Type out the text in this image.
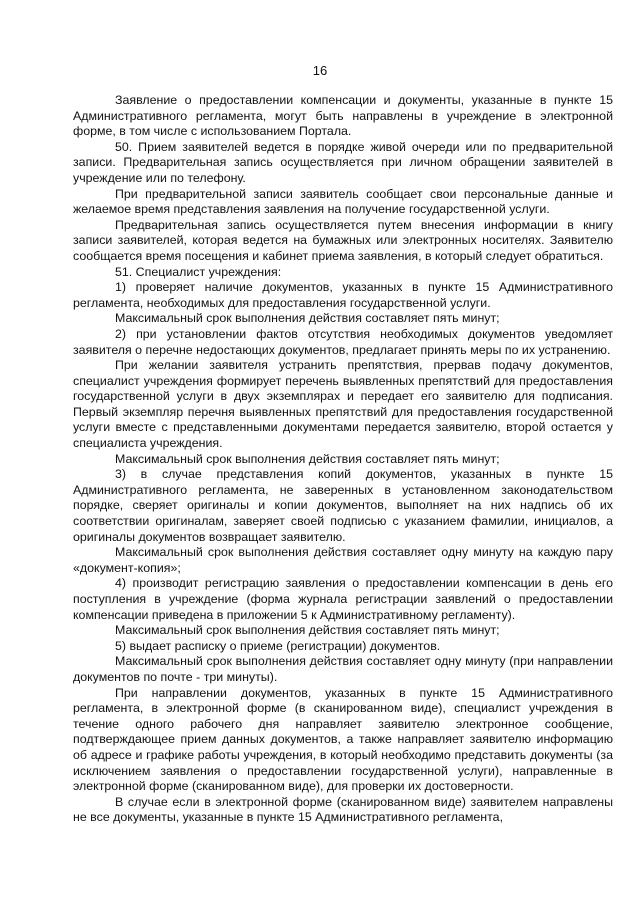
16

Заявление о предоставлении компенсации и документы, указанные в пункте 15 Административного регламента, могут быть направлены в учреждение в электронной форме, в том числе с использованием Портала.

50. Прием заявителей ведется в порядке живой очереди или по предварительной записи. Предварительная запись осуществляется при личном обращении заявителей в учреждение или по телефону.

При предварительной записи заявитель сообщает свои персональные данные и желаемое время представления заявления на получение государственной услуги.

Предварительная запись осуществляется путем внесения информации в книгу записи заявителей, которая ведется на бумажных или электронных носителях. Заявителю сообщается время посещения и кабинет приема заявления, в который следует обратиться.

51. Специалист учреждения:

1) проверяет наличие документов, указанных в пункте 15 Административного регламента, необходимых для предоставления государственной услуги.

Максимальный срок выполнения действия составляет пять минут;

2) при установлении фактов отсутствия необходимых документов уведомляет заявителя о перечне недостающих документов, предлагает принять меры по их устранению.

При желании заявителя устранить препятствия, прервав подачу документов, специалист учреждения формирует перечень выявленных препятствий для предоставления государственной услуги в двух экземплярах и передает его заявителю для подписания. Первый экземпляр перечня выявленных препятствий для предоставления государственной услуги вместе с представленными документами передается заявителю, второй остается у специалиста учреждения.

Максимальный срок выполнения действия составляет пять минут;

3) в случае представления копий документов, указанных в пункте 15 Административного регламента, не заверенных в установленном законодательством порядке, сверяет оригиналы и копии документов, выполняет на них надпись об их соответствии оригиналам, заверяет своей подписью с указанием фамилии, инициалов, а оригиналы документов возвращает заявителю.

Максимальный срок выполнения действия составляет одну минуту на каждую пару «документ-копия»;

4) производит регистрацию заявления о предоставлении компенсации в день его поступления в учреждение (форма журнала регистрации заявлений о предоставлении компенсации приведена в приложении 5 к Административному регламенту).

Максимальный срок выполнения действия составляет пять минут;

5) выдает расписку о приеме (регистрации) документов.

Максимальный срок выполнения действия составляет одну минуту (при направлении документов по почте - три минуты).

При направлении документов, указанных в пункте 15 Административного регламента, в электронной форме (в сканированном виде), специалист учреждения в течение одного рабочего дня направляет заявителю электронное сообщение, подтверждающее прием данных документов, а также направляет заявителю информацию об адресе и графике работы учреждения, в который необходимо представить документы (за исключением заявления о предоставлении государственной услуги), направленные в электронной форме (сканированном виде), для проверки их достоверности.

В случае если в электронной форме (сканированном виде) заявителем направлены не все документы, указанные в пункте 15 Административного регламента,
